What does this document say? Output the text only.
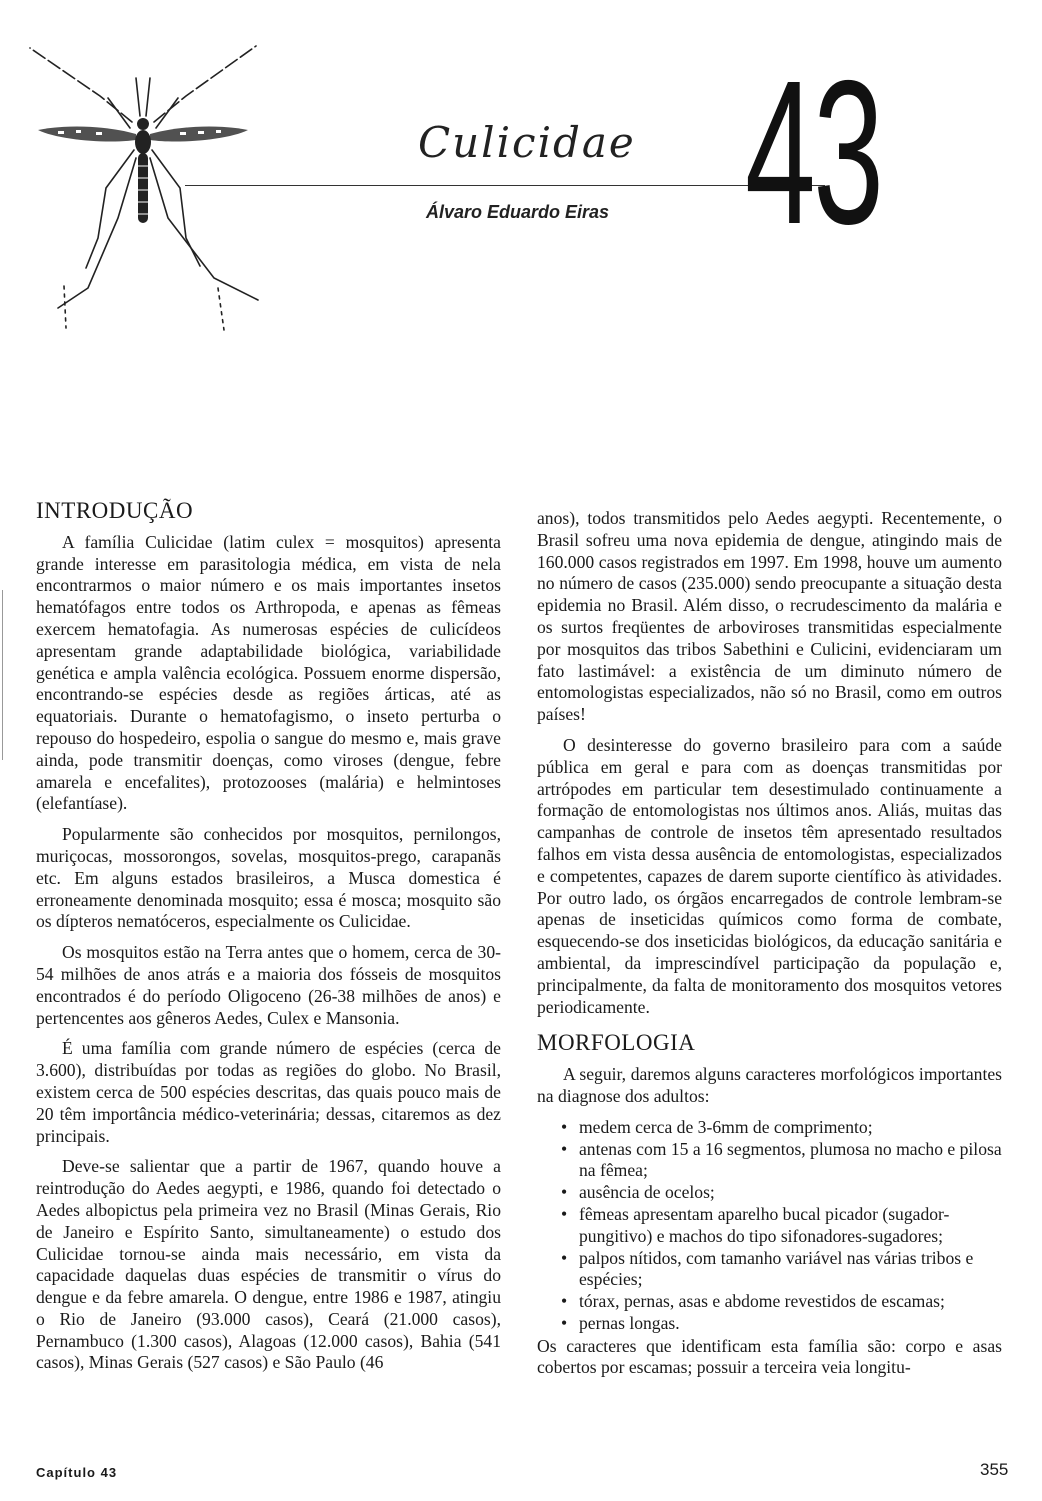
Culicidae
Álvaro Eduardo Eiras 43
INTRODUÇÃO

A família Culicidae (latim culex = mosquitos) apresenta grande interesse em parasitologia médica, em vista de nela encontrarmos o maior número e os mais importantes insetos hematófagos entre todos os Arthropoda, e apenas as fêmeas exercem hematofagia. As numerosas espécies de culicídeos apresentam grande adaptabilidade biológica, variabilidade genética e ampla valência ecológica. Possuem enorme dispersão, encontrando-se espécies desde as regiões árticas, até as equatoriais. Durante o hematofagismo, o inseto perturba o repouso do hospedeiro, espolia o sangue do mesmo e, mais grave ainda, pode transmitir doenças, como viroses (dengue, febre amarela e encefalites), protozooses (malária) e helmintoses (elefantíase).

Popularmente são conhecidos por mosquitos, pernilongos, muriçocas, mossorongos, sovelas, mosquitos-prego, carapanãs etc. Em alguns estados brasileiros, a Musca domestica é erroneamente denominada mosquito; essa é mosca; mosquito são os dípteros nematóceros, especialmente os Culicidae.

Os mosquitos estão na Terra antes que o homem, cerca de 30-54 milhões de anos atrás e a maioria dos fósseis de mosquitos encontrados é do período Oligoceno (26-38 milhões de anos) e pertencentes aos gêneros Aedes, Culex e Mansonia.

É uma família com grande número de espécies (cerca de 3.600), distribuídas por todas as regiões do globo. No Brasil, existem cerca de 500 espécies descritas, das quais pouco mais de 20 têm importância médico-veterinária; dessas, citaremos as dez principais.

Deve-se salientar que a partir de 1967, quando houve a reintrodução do Aedes aegypti, e 1986, quando foi detectado o Aedes albopictus pela primeira vez no Brasil (Minas Gerais, Rio de Janeiro e Espírito Santo, simultaneamente) o estudo dos Culicidae tornou-se ainda mais necessário, em vista da capacidade daquelas duas espécies de transmitir o vírus do dengue e da febre amarela. O dengue, entre 1986 e 1987, atingiu o Rio de Janeiro (93.000 casos), Ceará (21.000 casos), Pernambuco (1.300 casos), Alagoas (12.000 casos), Bahia (541 casos), Minas Gerais (527 casos) e São Paulo (46

anos), todos transmitidos pelo Aedes aegypti. Recentemente, o Brasil sofreu uma nova epidemia de dengue, atingindo mais de 160.000 casos registrados em 1997. Em 1998, houve um aumento no número de casos (235.000) sendo preocupante a situação desta epidemia no Brasil. Além disso, o recrudescimento da malária e os surtos freqüentes de arboviroses transmitidas especialmente por mosquitos das tribos Sabethini e Culicini, evidenciaram um fato lastimável: a existência de um diminuto número de entomologistas especializados, não só no Brasil, como em outros países!

O desinteresse do governo brasileiro para com a saúde pública em geral e para com as doenças transmitidas por artrópodes em particular tem desestimulado continuamente a formação de entomologistas nos últimos anos. Aliás, muitas das campanhas de controle de insetos têm apresentado resultados falhos em vista dessa ausência de entomologistas, especializados e competentes, capazes de darem suporte científico às atividades. Por outro lado, os órgãos encarregados de controle lembram-se apenas de inseticidas químicos como forma de combate, esquecendo-se dos inseticidas biológicos, da educação sanitária e ambiental, da imprescindível participação da população e, principalmente, da falta de monitoramento dos mosquitos vetores periodicamente.

MORFOLOGIA

A seguir, daremos alguns caracteres morfológicos importantes na diagnose dos adultos:

• medem cerca de 3-6mm de comprimento;
• antenas com 15 a 16 segmentos, plumosa no macho e pilosa na fêmea;
• ausência de ocelos;
• fêmeas apresentam aparelho bucal picador (sugador-pungitivo) e machos do tipo sifonadores-sugadores;
• palpos nítidos, com tamanho variável nas várias tribos e espécies;
• tórax, pernas, asas e abdome revestidos de escamas;
• pernas longas.

Os caracteres que identificam esta família são: corpo e asas cobertos por escamas; possuir a terceira veia longitu-

Capítulo 43	355
